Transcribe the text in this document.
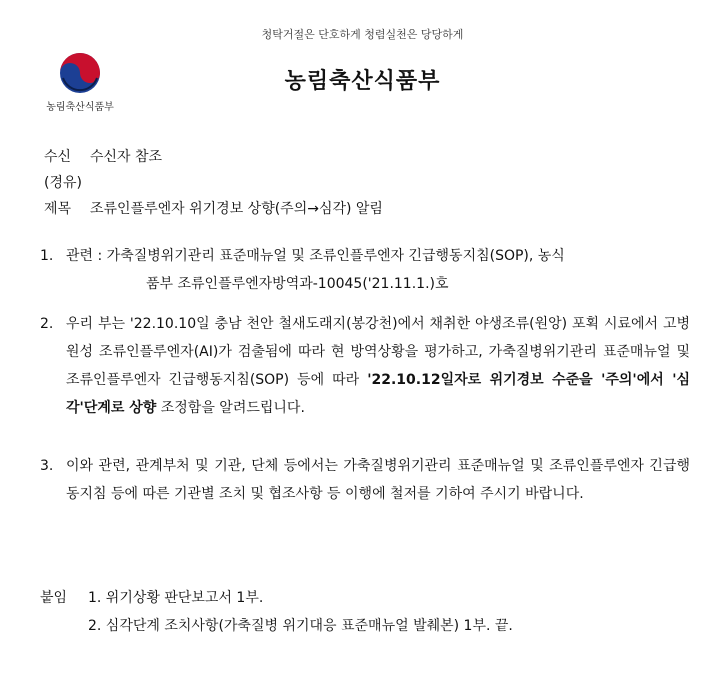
청탁거절은 단호하게 청렴실천은 당당하게
농림축산식품부
농림축산식품부
수신 수신자 참조
(경유)
제목 조류인플루엔자 위기경보 상향(주의→심각) 알림
1. 관련 : 가축질병위기관리 표준매뉴얼 및 조류인플루엔자 긴급행동지침(SOP), 농식
품부 조류인플루엔자방역과-10045('21.11.1.)호
2. 우리 부는 '22.10.10일 충남 천안 철새도래지(봉강천)에서 채취한 야생조류(원앙) 포획 시료에서 고병원성 조류인플루엔자(AI)가 검출됨에 따라 현 방역상황을 평가하고, 가축질병위기관리 표준매뉴얼 및 조류인플루엔자 긴급행동지침(SOP) 등에 따라 '22.10.12일자로 위기경보 수준을 '주의'에서 '심각'단계로 상향 조정함을 알려드립니다.
3. 이와 관련, 관계부처 및 기관, 단체 등에서는 가축질병위기관리 표준매뉴얼 및 조류인플루엔자 긴급행동지침 등에 따른 기관별 조치 및 협조사항 등 이행에 철저를 기하여 주시기 바랍니다.
붙임 1. 위기상황 판단보고서 1부.
2. 심각단계 조치사항(가축질병 위기대응 표준매뉴얼 발췌본) 1부. 끝.
